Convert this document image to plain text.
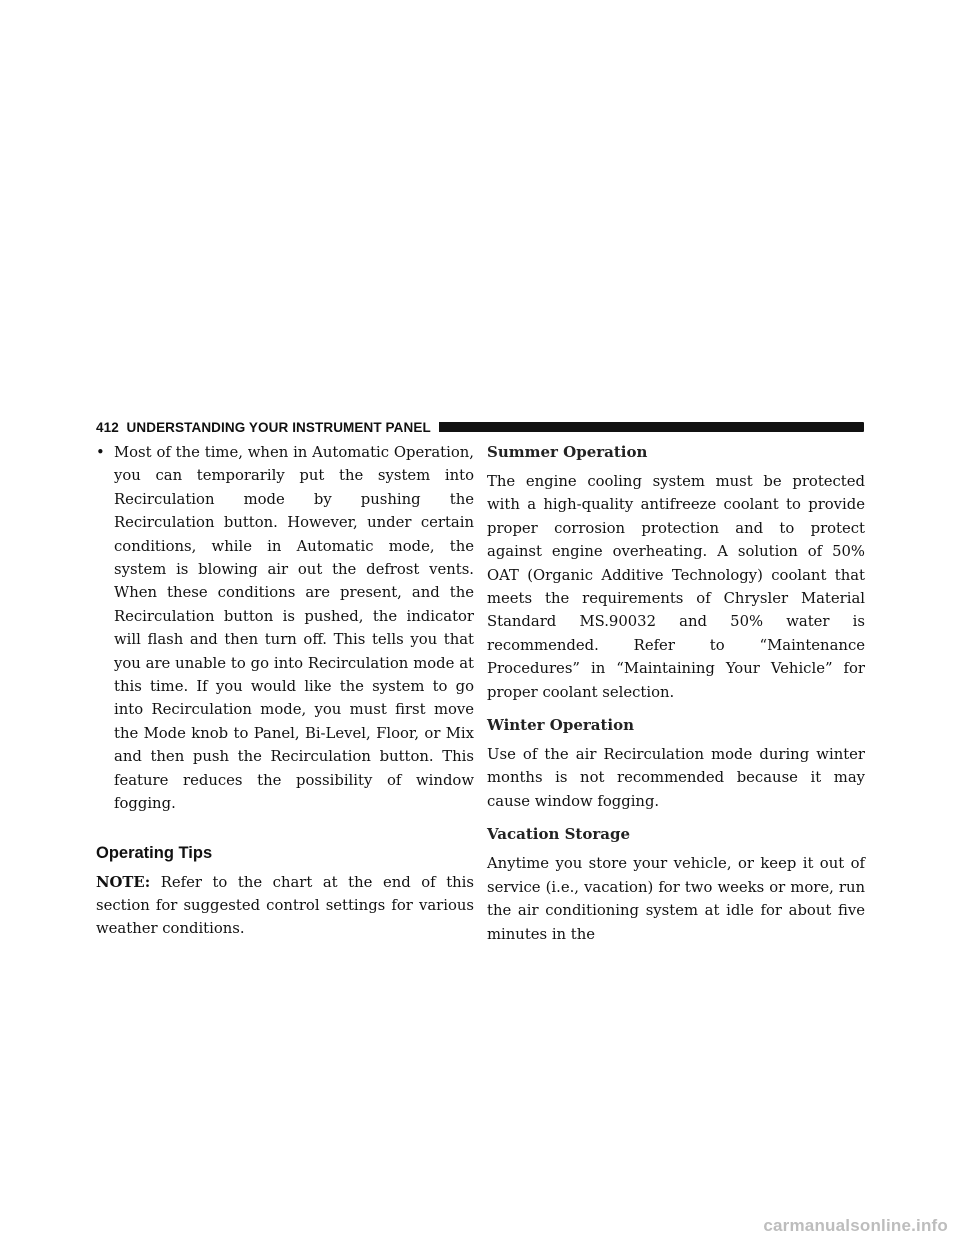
412 UNDERSTANDING YOUR INSTRUMENT PANEL
• Most of the time, when in Automatic Operation, you can temporarily put the system into Recirculation mode by pushing the Recirculation button. However, under certain conditions, while in Automatic mode, the system is blowing air out the defrost vents. When these conditions are present, and the Recirculation button is pushed, the indicator will flash and then turn off. This tells you that you are unable to go into Recirculation mode at this time. If you would like the system to go into Recirculation mode, you must first move the Mode knob to Panel, Bi-Level, Floor, or Mix and then push the Recirculation button. This feature reduces the possibility of window fogging.
Operating Tips

NOTE: Refer to the chart at the end of this section for suggested control settings for various weather conditions.

Summer Operation

The engine cooling system must be protected with a high-quality antifreeze coolant to provide proper corrosion protection and to protect against engine overheating. A solution of 50% OAT (Organic Additive Technology) coolant that meets the requirements of Chrysler Material Standard MS.90032 and 50% water is recommended. Refer to “Maintenance Procedures” in “Maintaining Your Vehicle” for proper coolant selection.

Winter Operation

Use of the air Recirculation mode during winter months is not recommended because it may cause window fogging.

Vacation Storage

Anytime you store your vehicle, or keep it out of service (i.e., vacation) for two weeks or more, run the air conditioning system at idle for about five minutes in the

carmanualsonline.info
